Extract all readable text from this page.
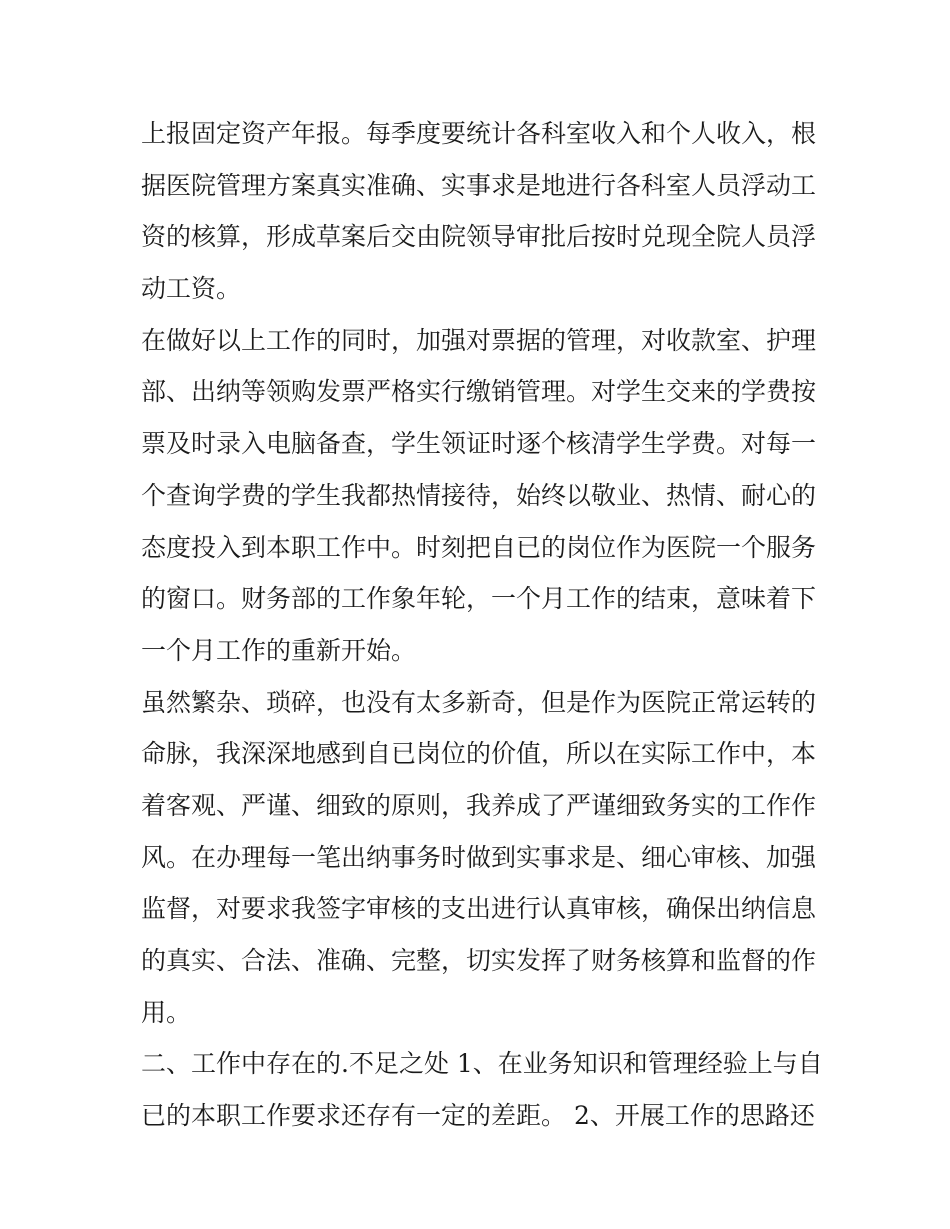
上报固定资产年报。每季度要统计各科室收入和个人收入，根
据医院管理方案真实准确、实事求是地进行各科室人员浮动工
资的核算，形成草案后交由院领导审批后按时兑现全院人员浮
动工资。
在做好以上工作的同时，加强对票据的管理，对收款室、护理
部、出纳等领购发票严格实行缴销管理。对学生交来的学费按
票及时录入电脑备查，学生领证时逐个核清学生学费。对每一
个查询学费的学生我都热情接待，始终以敬业、热情、耐心的
态度投入到本职工作中。时刻把自已的岗位作为医院一个服务
的窗口。财务部的工作象年轮，一个月工作的结束，意味着下
一个月工作的重新开始。
虽然繁杂、琐碎，也没有太多新奇，但是作为医院正常运转的
命脉，我深深地感到自已岗位的价值，所以在实际工作中，本
着客观、严谨、细致的原则，我养成了严谨细致务实的工作作
风。在办理每一笔出纳事务时做到实事求是、细心审核、加强
监督，对要求我签字审核的支出进行认真审核，确保出纳信息
的真实、合法、准确、完整，切实发挥了财务核算和监督的作
用。
二、工作中存在的.不足之处 1、在业务知识和管理经验上与自
已的本职工作要求还存有一定的差距。 2、开展工作的思路还
